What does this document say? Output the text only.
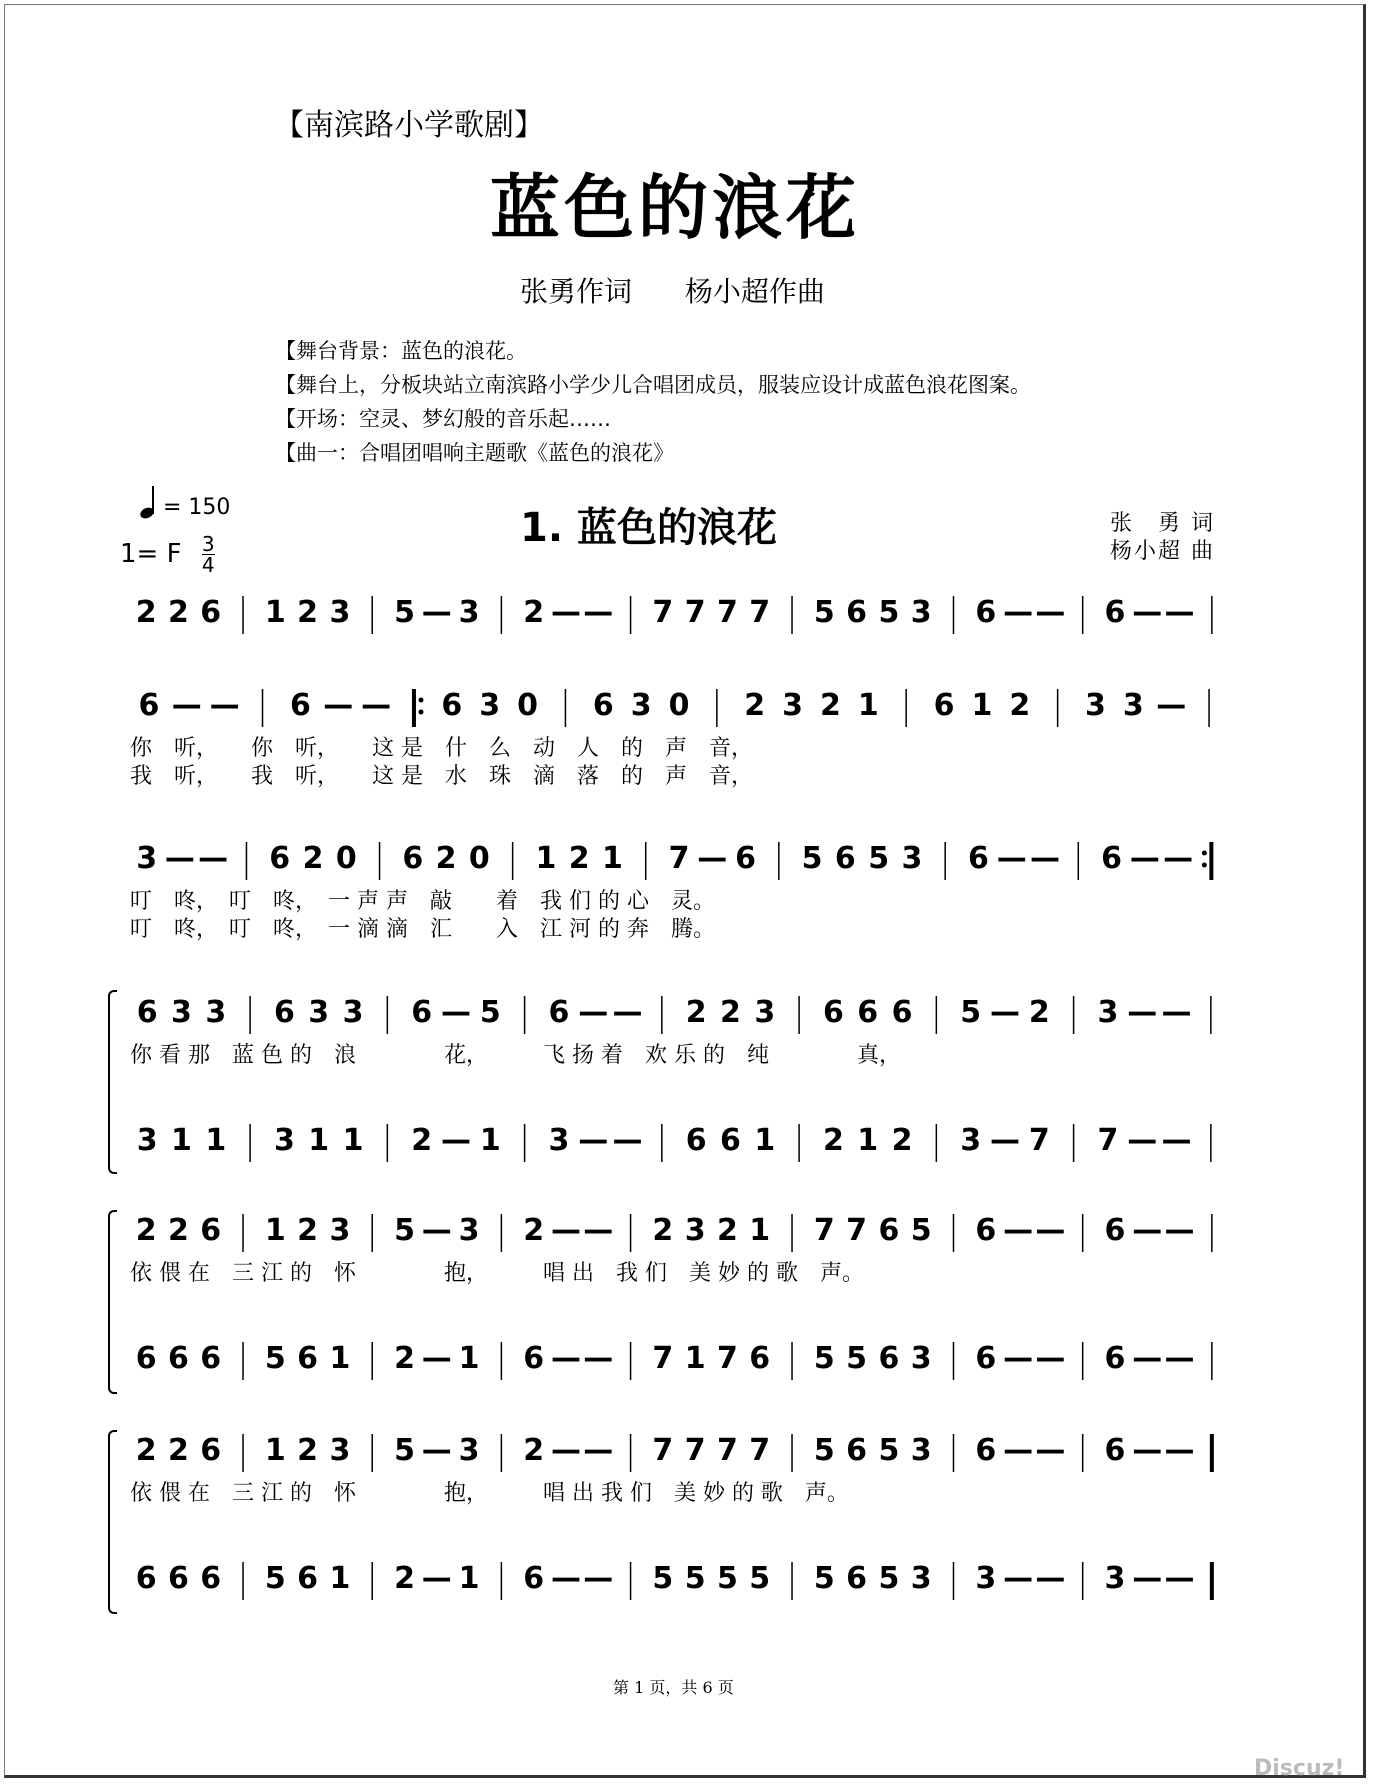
【南滨路小学歌剧】
蓝色的浪花
张勇作词 杨小超作曲
【舞台背景：蓝色的浪花。
【舞台上，分板块站立南滨路小学少儿合唱团成员，服装应设计成蓝色浪花图案。
【开场：空灵、梦幻般的音乐起……
【曲一：合唱团唱响主题歌《蓝色的浪花》
= 150
1= F $\frac{3}{4}$
1. 蓝色的浪花	张　勇 词
杨小超 曲
2 2 6 1 2 3 5 — 3 2 — — 7 7 7 7 5 6 5 3 6 — — 6 — —
6 — — 6 — — 6 3 0 6 3 0 2 3 2 1 6 1 2 3 3 —
你　听，　　你　听，　　这 是　什　么　动　人　的　声　音，
我　听，　　我　听，　　这 是　水　珠　滴　落　的　声　音，
3 — — 6 2 0 6 2 0 1 2 1 7 — 6 5 6 5 3 6 — — 6 — —
叮　咚，　叮　咚，　一 声 声　敲　　着　我 们 的 心　灵。
叮　咚，　叮　咚，　一 滴 滴　汇　　入　江 河 的 奔　腾。
6 3 3 6 3 3 6 — 5 6 — — 2 2 3 6 6 6 5 — 2 3 — —
你 看 那　蓝 色 的　浪　　　　花，　　　飞 扬 着　欢 乐 的　纯　　　　真，
3 1 1 3 1 1 2 — 1 3 — — 6 6 1 2 1 2 3 — 7 7 — —
2 2 6 1 2 3 5 — 3 2 — — 2 3 2 1 7 7 6 5 6 — — 6 — —
依 偎 在　三 江 的　怀　　　　抱，　　　唱 出　我 们　美 妙 的 歌　声。
6 6 6 5 6 1 2 — 1 6 — — 7 1 7 6 5 5 6 3 6 — — 6 — —
2 2 6 1 2 3 5 — 3 2 — — 7 7 7 7 5 6 5 3 6 — — 6 — —
依 偎 在　三 江 的　怀　　　　抱，　　　唱 出 我 们　美 妙 的 歌　声。
6 6 6 5 6 1 2 — 1 6 — — 5 5 5 5 5 6 5 3 3 — — 3 — —
第 1 页，共 6 页
Discuz!
